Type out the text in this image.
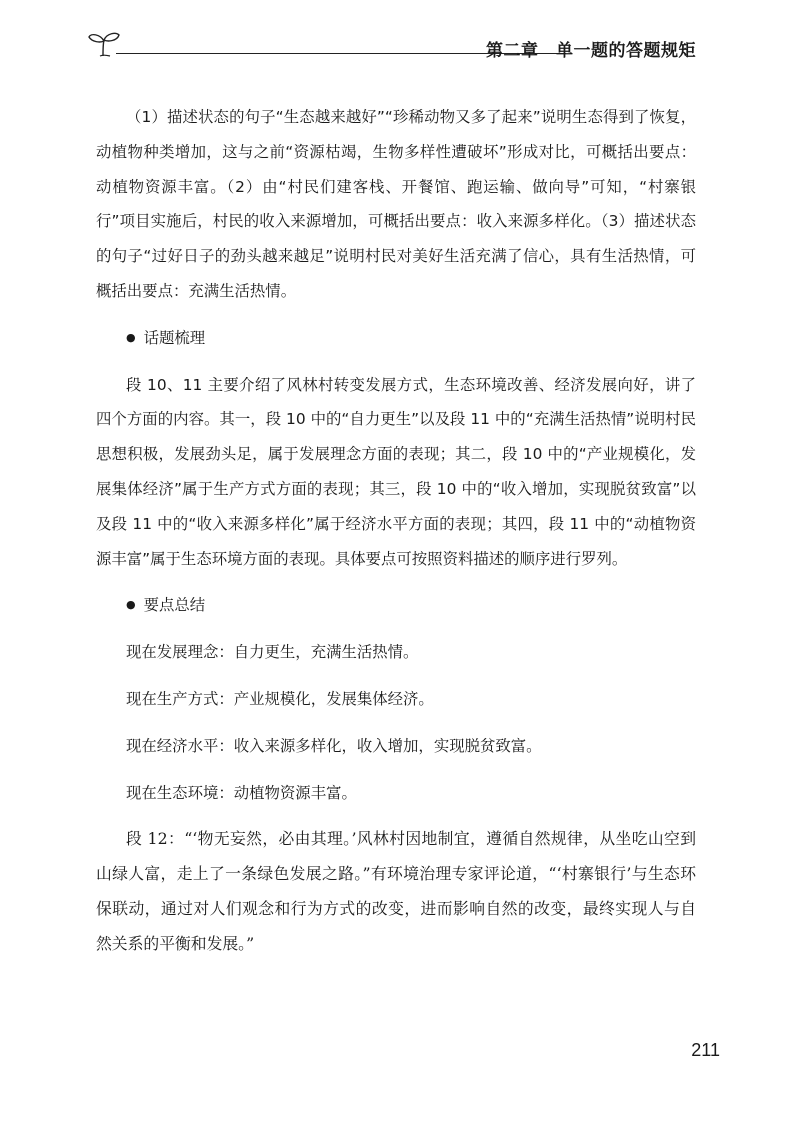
第二章　单一题的答题规矩

（1）描述状态的句子“生态越来越好”“珍稀动物又多了起来”说明生态得到了恢复，动植物种类增加，这与之前“资源枯竭，生物多样性遭破坏”形成对比，可概括出要点：动植物资源丰富。（2）由“村民们建客栈、开餐馆、跑运输、做向导”可知，“村寨银行”项目实施后，村民的收入来源增加，可概括出要点：收入来源多样化。（3）描述状态的句子“过好日子的劲头越来越足”说明村民对美好生活充满了信心，具有生活热情，可概括出要点：充满生活热情。

● 话题梳理

段 10、11 主要介绍了风林村转变发展方式，生态环境改善、经济发展向好，讲了四个方面的内容。其一，段 10 中的“自力更生”以及段 11 中的“充满生活热情”说明村民思想积极，发展劲头足，属于发展理念方面的表现；其二，段 10 中的“产业规模化，发展集体经济”属于生产方式方面的表现；其三，段 10 中的“收入增加，实现脱贫致富”以及段 11 中的“收入来源多样化”属于经济水平方面的表现；其四，段 11 中的“动植物资源丰富”属于生态环境方面的表现。具体要点可按照资料描述的顺序进行罗列。

● 要点总结

现在发展理念：自力更生，充满生活热情。

现在生产方式：产业规模化，发展集体经济。

现在经济水平：收入来源多样化，收入增加，实现脱贫致富。

现在生态环境：动植物资源丰富。

段 12：“‘物无妄然，必由其理。’风林村因地制宜，遵循自然规律，从坐吃山空到山绿人富，走上了一条绿色发展之路。”有环境治理专家评论道，“‘村寨银行’与生态环保联动，通过对人们观念和行为方式的改变，进而影响自然的改变，最终实现人与自然关系的平衡和发展。”

211
